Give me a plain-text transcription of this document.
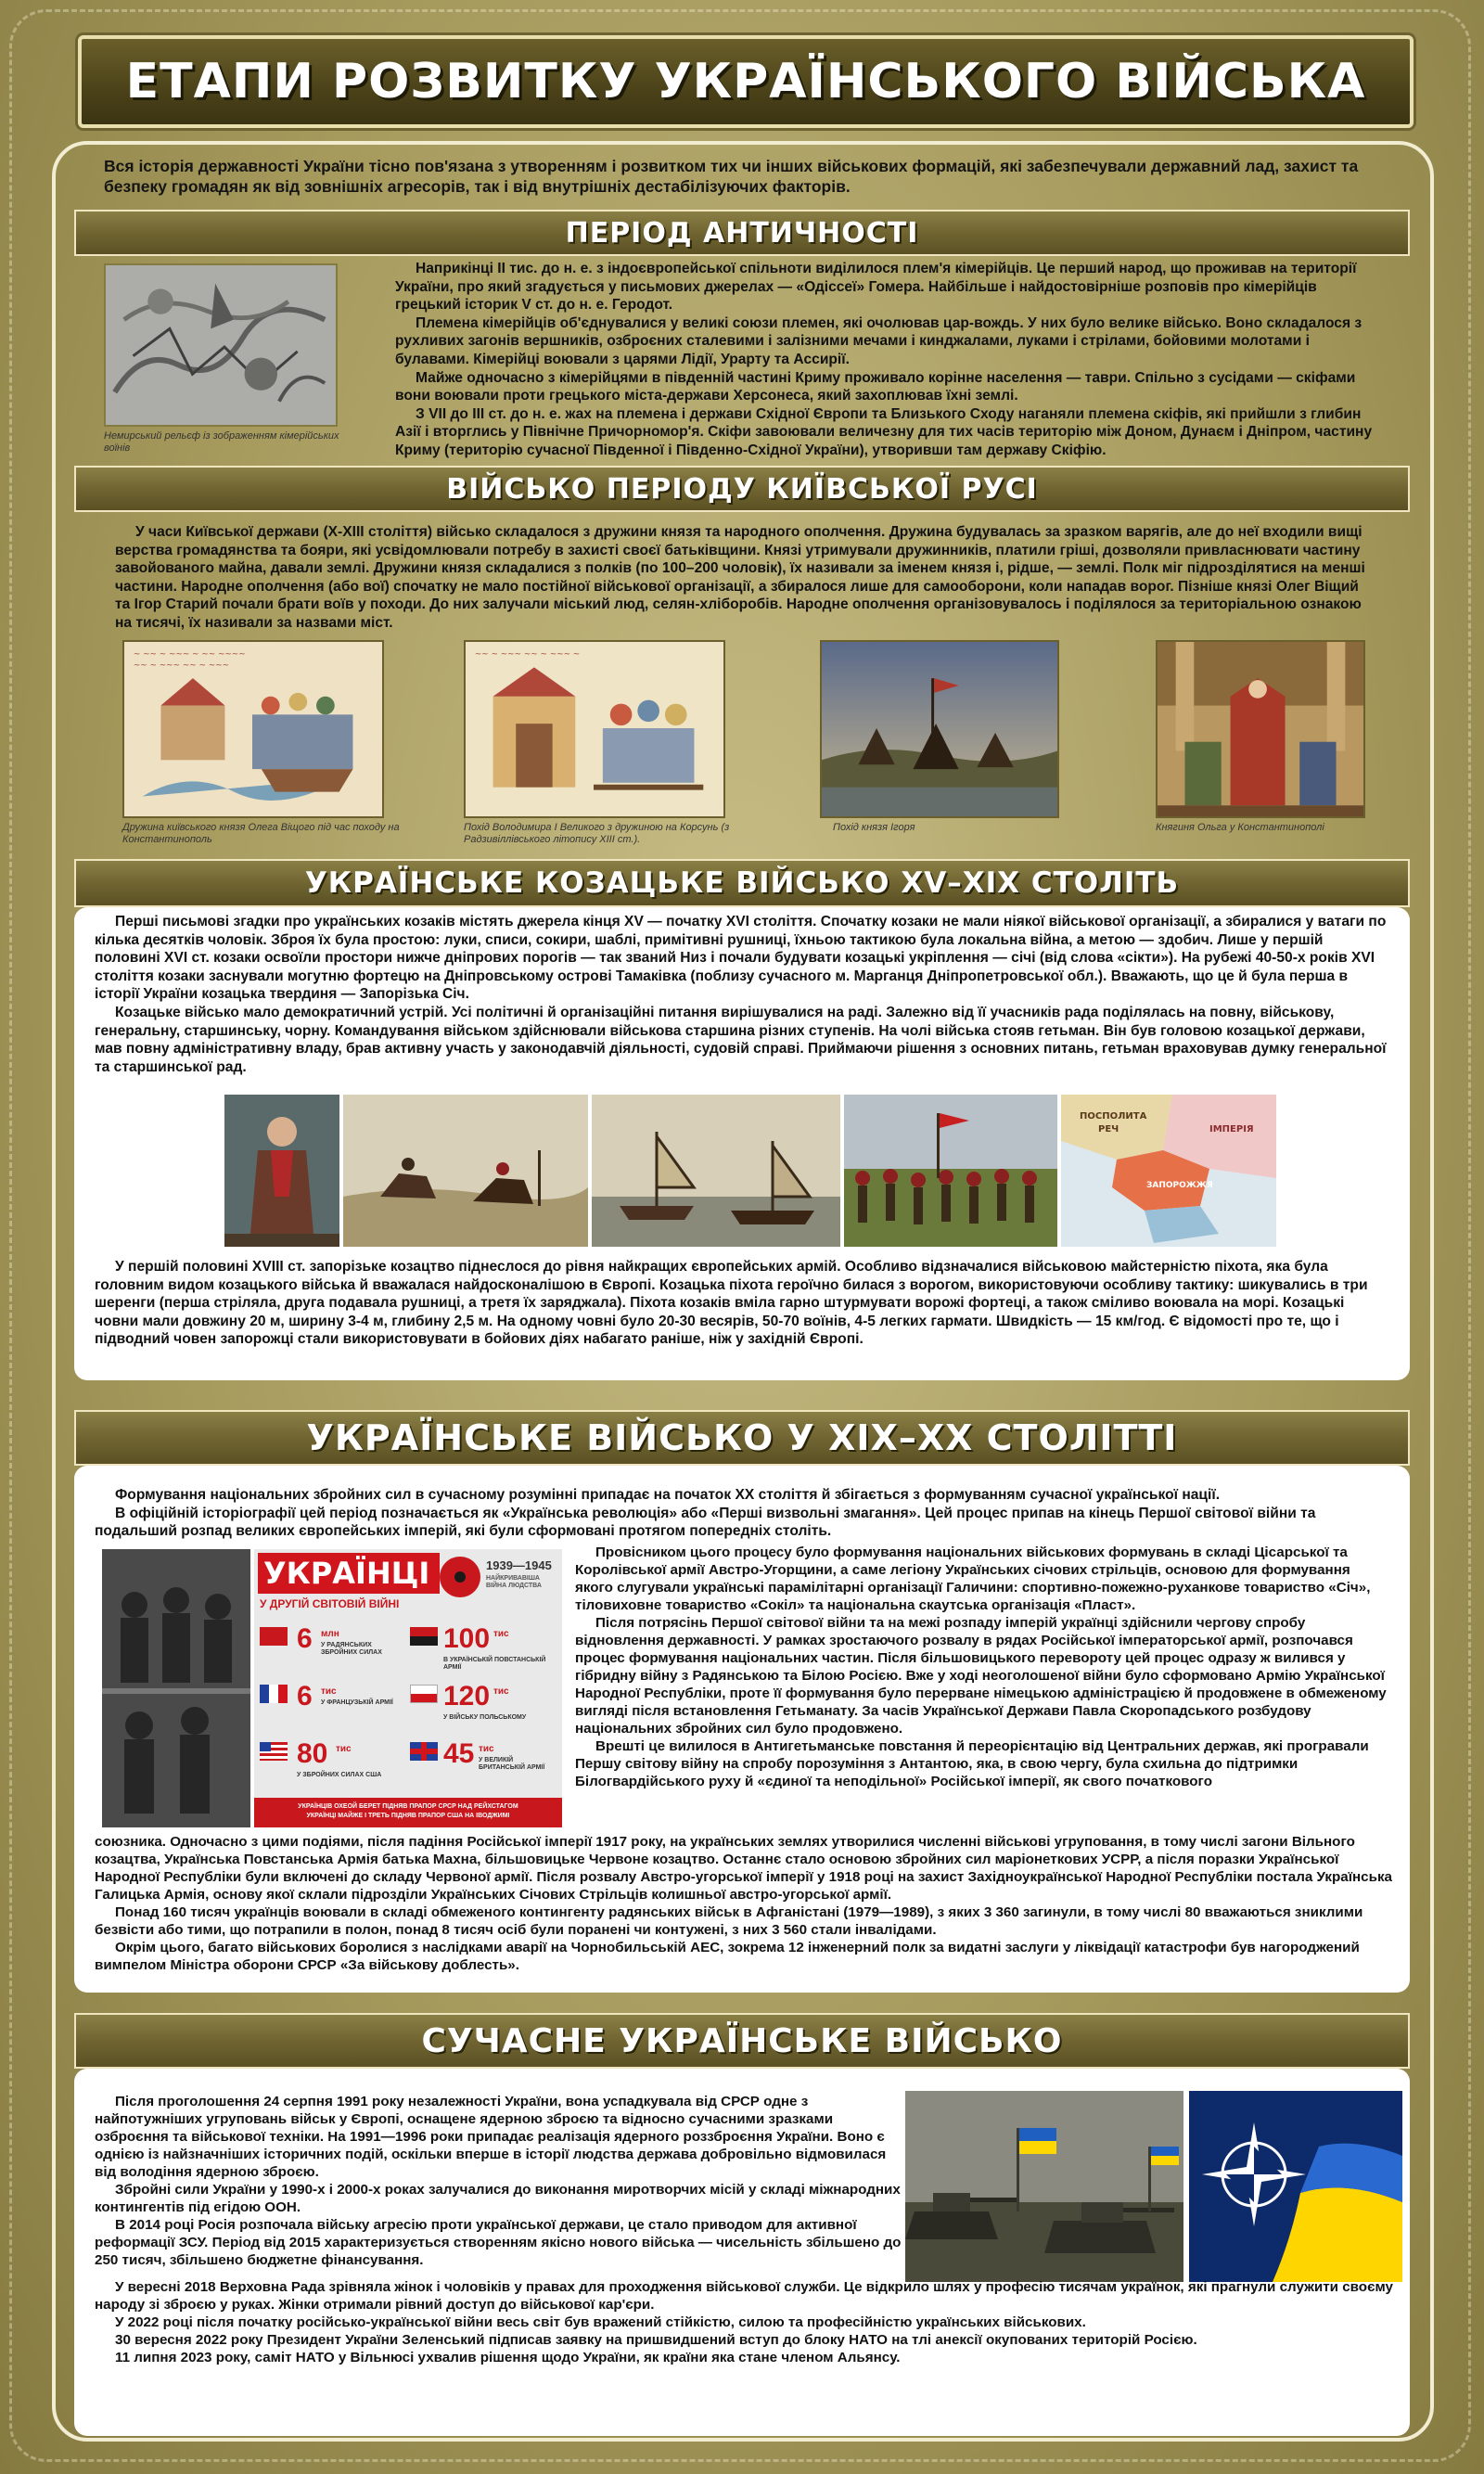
ЕТАПИ РОЗВИТКУ УКРАЇНСЬКОГО ВІЙСЬКА
Вся історія державності України тісно пов'язана з утворенням і розвитком тих чи інших військових формацій, які забезпечували державний лад, захист та безпеку громадян як від зовнішніх агресорів, так і від внутрішніх дестабілізуючих факторів.
ПЕРІОД АНТИЧНОСТІ
Немирський рельєф із зображенням кімерійських воїнів

Наприкінці II тис. до н. е. з індоєвропейської спільноти виділилося плем'я кімерійців. Це перший народ, що проживав на території України, про який згадується у письмових джерелах — «Одіссеї» Гомера. Найбільше і найдостовірніше розповів про кімерійців грецький історик V ст. до н. е. Геродот.

Племена кімерійців об'єднувалися у великі союзи племен, які очолював цар-вождь. У них було велике військо. Воно складалося з рухливих загонів вершників, озброєних сталевими і залізними мечами і кинджалами, луками і стрілами, бойовими молотами і булавами. Кімерійці воювали з царями Лідії, Урарту та Ассирії.

Майже одночасно з кімерійцями в південній частині Криму проживало корінне населення — таври. Спільно з сусідами — скіфами вони воювали проти грецького міста-держави Херсонеса, який захоплював їхні землі.

З VII до III ст. до н. е. жах на племена і держави Східної Європи та Близького Сходу наганяли племена скіфів, які прийшли з глибин Азії і вторглись у Північне Причорномор'я. Скіфи завоювали величезну для тих часів територію між Доном, Дунаєм і Дніпром, частину Криму (територію сучасної Південної і Південно-Східної України), утворивши там державу Скіфію.

ВІЙСЬКО ПЕРІОДУ КИЇВСЬКОЇ РУСІ

У часи Київської держави (X-XIII століття) військо складалося з дружини князя та народного ополчення. Дружина будувалась за зразком варягів, але до неї входили вищі верства громадянства та бояри, які усвідомлювали потребу в захисті своєї батьківщини. Князі утримували дружинників, платили гріші, дозволяли привласнювати частину завойованого майна, давали землі. Дружини князя складалися з полків (по 100–200 чоловік), їх називали за іменем князя і, рідше, — землі. Полк міг підрозділятися на менші частини. Народне ополчення (або вої) спочатку не мало постійної військової організації, а збиралося лише для самооборони, коли нападав ворог. Пізніше князі Олег Віщий та Ігор Старий почали брати воїв у походи. До них залучали міський люд, селян-хліборобів. Народне ополчення організовувалось і поділялося за територіальною ознакою на тисячі, їх називали за назвами міст.

~ ~~ ~ ~~~ ~ ~~ ~~~~
~~ ~ ~~~ ~~ ~ ~~~
Дружина київського князя Олега Віщого під час походу на Константинополь
~~ ~ ~~~ ~~ ~ ~~~ ~
Похід Володимира І Великого з дружиною на Корсунь (з Радзивіллівського літопису XIII ст.).
Похід князя Ігоря	Княгиня Ольга у Константинополі
УКРАЇНСЬКЕ КОЗАЦЬКЕ ВІЙСЬКО XV–XIX СТОЛІТЬ

Перші письмові згадки про українських козаків містять джерела кінця XV — початку XVI століття. Спочатку козаки не мали ніякої військової організації, а збиралися у ватаги по кілька десятків чоловік. Зброя їх була простою: луки, списи, сокири, шаблі, примітивні рушниці, їхньою тактикою була локальна війна, а метою — здобич. Лише у першій половині XVI ст. козаки освоїли простори нижче дніпрових порогів — так званий Низ і почали будувати козацькі укріплення — січі (від слова «сікти»). На рубежі 40-50-х років XVI століття козаки заснували могутню фортецю на Дніпровському острові Тамаківка (поблизу сучасного м. Марганця Дніпропетровської обл.). Вважають, що це й була перша в історії України козацька твердиня — Запорізька Січ.

Козацьке військо мало демократичний устрій. Усі політичні й організаційні питання вирішувалися на раді. Залежно від її учасників рада поділялась на повну, військову, генеральну, старшинську, чорну. Командування військом здійснювали військова старшина різних ступенів. На чолі війська стояв гетьман. Він був головою козацької держави, мав повну адміністративну владу, брав активну участь у законодавчій діяльності, судовій справі. Приймаючи рішення з основних питань, гетьман враховував думку генеральної та старшинської рад.

ПОСПОЛИТА
РЕЧ
ЗАПОРОЖЖЯ
ІМПЕРІЯ

У першій половині XVIII ст. запорізьке козацтво піднеслося до рівня найкращих європейських армій. Особливо відзначалися військовою майстерністю піхота, яка була головним видом козацького війська й вважалася найдосконалішою в Європі. Козацька піхота героїчно билася з ворогом, використовуючи особливу тактику: шикувались в три шеренги (перша стріляла, друга подавала рушниці, а третя їх заряджала). Піхота козаків вміла гарно штурмувати ворожі фортеці, а також сміливо воювала на морі. Козацькі човни мали довжину 20 м, ширину 3-4 м, глибину 2,5 м. На одному човні було 20-30 весярів, 50-70 воїнів, 4-5 легких гармати. Швидкість — 15 км/год. Є відомості про те, що і підводний човен запорожці стали використовувати в бойових діях набагато раніше, ніж у західній Європі.

УКРАЇНСЬКЕ ВІЙСЬКО У XIX–XX СТОЛІТТІ

Формування національних збройних сил в сучасному розумінні припадає на початок XX століття й збігається з формуванням сучасної української нації.

В офіційній історіографії цей період позначається як «Українська революція» або «Перші визвольні змагання». Цей процес припав на кінець Першої світової війни та подальший розпад великих європейських імперій, які були сформовані протягом попередніх століть.

УКРАЇНЦІ
У ДРУГІЙ СВІТОВІЙ ВІЙНІ
1939—1945
НАЙКРИВАВІША ВІЙНА ЛЮДСТВА
6 млн
У РАДЯНСЬКИХ ЗБРОЙНИХ СИЛАХ
6 тис
У ФРАНЦУЗЬКІЙ АРМІЇ
80 тис
У ЗБРОЙНИХ СИЛАХ США
100 тис
В УКРАЇНСЬКІЙ ПОВСТАНСЬКІЙ АРМІЇ
120 тис
У ВІЙСЬКУ ПОЛЬСЬКОМУ
45 тис
У ВЕЛИКІЙ БРИТАНСЬКІЙ АРМІЇ
УКРАЇНЦІВ ОХЕОЙ БЕРЕТ ПІДНЯВ ПРАПОР СРСР НАД РЕЙХСТАГОМ
УКРАЇНЦІ МАЙЖЕ І ТРЕТЬ ПІДНЯВ ПРАПОР США НА ІВОДЖИМІ

Провісником цього процесу було формування національних військових формувань в складі Цісарської та Королівської армії Австро-Угорщини, а саме легіону Українських січових стрільців, основою для формування якого слугували українські парамілітарні організації Галичини: спортивно-пожежно-руханкове товариство «Січ», тіловиховне товариство «Сокіл» та національна скаутська організація «Пласт».

Після потрясінь Першої світової війни та на межі розпаду імперій українці здійснили чергову спробу відновлення державності. У рамках зростаючого розвалу в рядах Російської імператорської армії, розпочався процес формування національних частин. Після більшовицького перевороту цей процес одразу ж вилився у гібридну війну з Радянською та Білою Росією. Вже у ході неоголошеної війни було сформовано Армію Української Народної Республіки, проте її формування було перерване німецькою адміністрацією й продовжене в обмеженому вигляді після встановлення Гетьманату. За часів Української Держави Павла Скоропадського розбудову національних збройних сил було продовжено.

Врешті це вилилося в Антигетьманське повстання й переорієнтацію від Центральних держав, які програвали Першу світову війну на спробу порозуміння з Антантою, яка, в свою чергу, була схильна до підтримки Білогвардійського руху й «єдиної та неподільної» Російської імперії, як свого початкового

союзника. Одночасно з цими подіями, після падіння Російської імперії 1917 року, на українських землях утворилися численні військові угруповання, в тому числі загони Вільного козацтва, Українська Повстанська Армія батька Махна, більшовицьке Червоне козацтво. Останнє стало основою збройних сил маріонеткових УСРР, а після поразки Української Народної Республіки були включені до складу Червоної армії. Після розвалу Австро-угорської імперії у 1918 році на захист Західноукраїнської Народної Республіки постала Українська Галицька Армія, основу якої склали підрозділи Українських Січових Стрільців колишньої австро-угорської армії.

Понад 160 тисяч українців воювали в складі обмеженого контингенту радянських військ в Афганістані (1979—1989), з яких 3 360 загинули, в тому числі 80 вважаються зниклими безвісти або тими, що потрапили в полон, понад 8 тисяч осіб були поранені чи контужені, з них 3 560 стали інвалідами.

Окрім цього, багато військових боролися з наслідками аварії на Чорнобильській АЕС, зокрема 12 інженерний полк за видатні заслуги у ліквідації катастрофи був нагороджений вимпелом Міністра оборони СРСР «За військову доблесть».

СУЧАСНЕ УКРАЇНСЬКЕ ВІЙСЬКО

Після проголошення 24 серпня 1991 року незалежності України, вона успадкувала від СРСР одне з найпотужніших угруповань військ у Європі, оснащене ядерною зброєю та відносно сучасними зразками озброєння та військової техніки. На 1991—1996 роки припадає реалізація ядерного роззброєння України. Воно є однією із найзначніших історичних подій, оскільки вперше в історії людства держава добровільно відмовилася від володіння ядерною зброєю.

Збройні сили України у 1990-х і 2000-х роках залучалися до виконання миротворчих місій у складі міжнародних контингентів під егідою ООН.

В 2014 році Росія розпочала війську агресію проти української держави, це стало приводом для активної реформації ЗСУ. Період від 2015 характеризується створенням якісно нового війська — чисельність збільшено до 250 тисяч, збільшено бюджетне фінансування.

У вересні 2018 Верховна Рада зрівняла жінок і чоловіків у правах для проходження військової служби. Це відкрило шлях у професію тисячам українок, які прагнули служити своєму народу зі зброєю у руках. Жінки отримали рівний доступ до військової кар'єри.

У 2022 році після початку російсько-української війни весь світ був вражений стійкістю, силою та професійністю українських військових.

30 вересня 2022 року Президент України Зеленський підписав заявку на пришвидшений вступ до блоку НАТО на тлі анексії окупованих територій Росією.

11 липня 2023 року, саміт НАТО у Вільнюсі ухвалив рішення щодо України, як країни яка стане членом Альянсу.
